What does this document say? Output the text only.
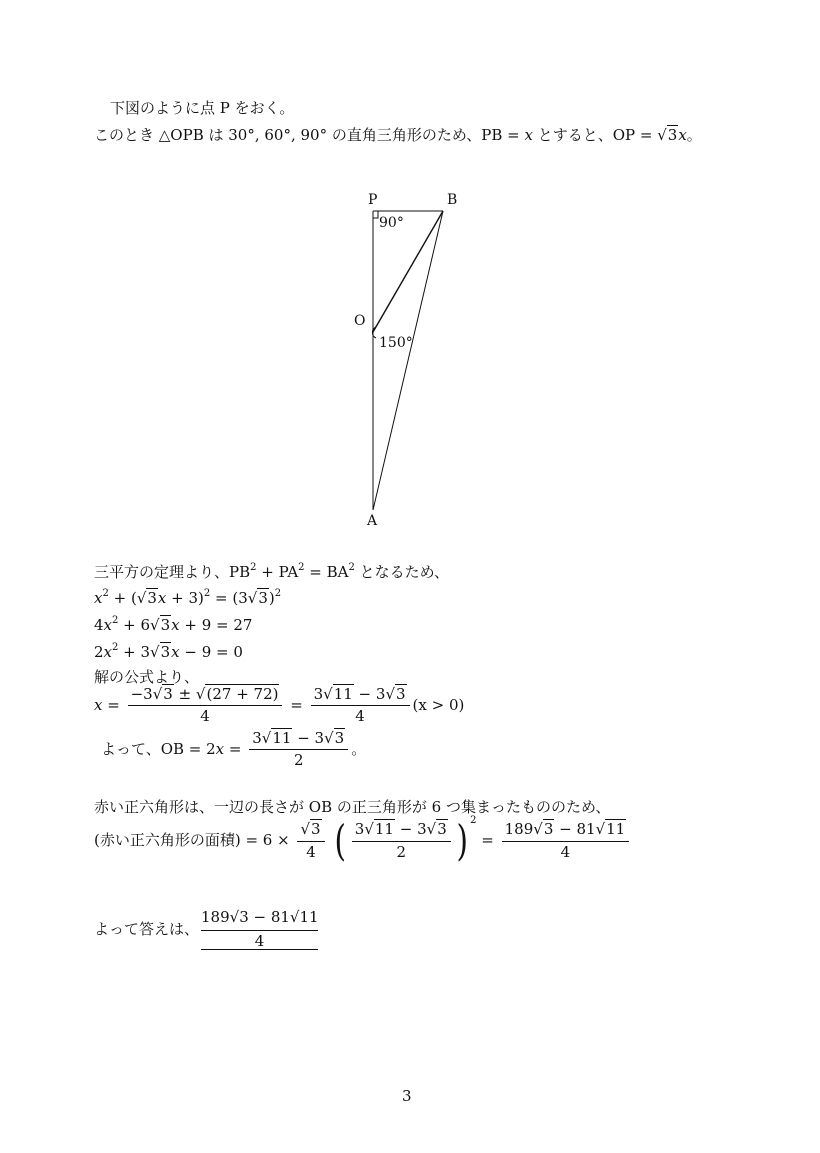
下図のように点 P をおく。
このとき △OPB は 30°, 60°, 90° の直角三角形のため、PB = x とすると、OP = √3x。
P	B
O
A
90°
150°
三平方の定理より、$PB^2 + PA^2 = BA^2$ となるため、
$x^2 + (√3x + 3)^2 = (3√3)^2$
$4x^2 + 6√3x + 9 = 27$
$2x^2 + 3√3x - 9 = 0$
解の公式より、
$x = \frac{-3√3 \pm √(27 + 72)}{4} = \frac{3√11 - 3√3}{4} (x > 0)$
よって、OB = $2x = \frac{3√11 - 3√3}{2}$ 。
赤い正六角形は、一辺の長さが OB の正三角形が 6 つ集まったもののため、
(赤い正六角形の面積) = $6 \times \frac{√3}{4}$ ( $\frac{3√11 - 3√3}{2}$ ) $^2 = \frac{189√3 - 81√11}{4}$
よって答えは、
189√3 − 81√11
4
3
